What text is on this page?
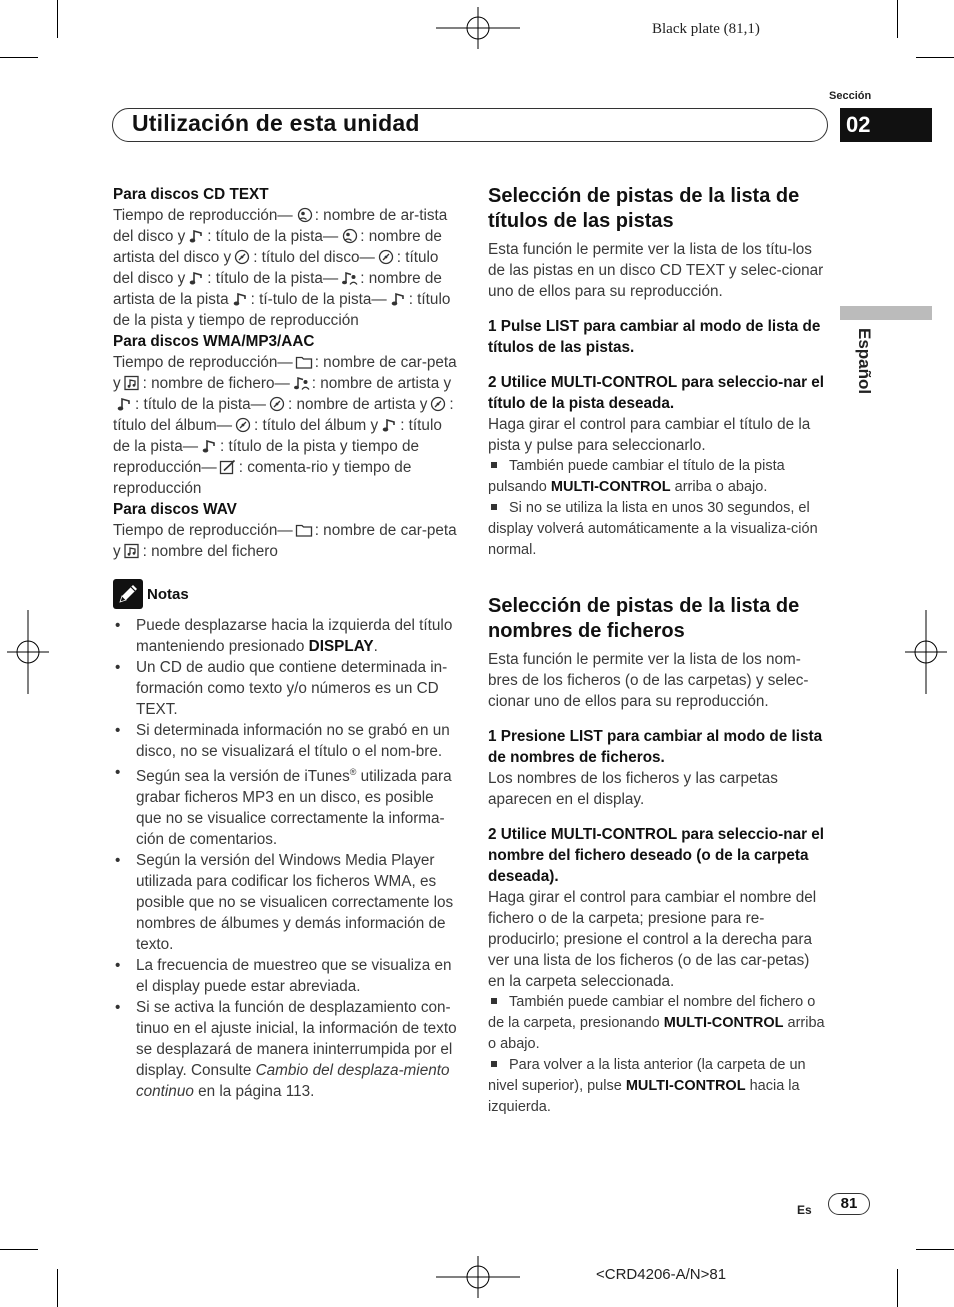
Black plate (81,1)
Sección
Utilización de esta unidad	02
Español
Para discos CD TEXT

Tiempo de reproducción— : nombre de ar-tista del disco y : título de la pista— : nombre de artista del disco y : título del disco— : título del disco y : título de la pista— : nombre de artista de la pista : tí-tulo de la pista— : título de la pista y tiempo de reproducción

Para discos WMA/MP3/AAC

Tiempo de reproducción— : nombre de car-peta y : nombre de fichero— : nombre de artista y
: título de la pista— : nombre de artista y : título del álbum— : título del álbum y : título de la pista— : título de la pista y tiempo de reproducción— : comenta-rio y tiempo de reproducción

Para discos WAV

Tiempo de reproducción— : nombre de car-peta y : nombre del fichero

Notas
• Puede desplazarse hacia la izquierda del título manteniendo presionado DISPLAY.
• Un CD de audio que contiene determinada in-formación como texto y/o números es un CD TEXT.
• Si determinada información no se grabó en un disco, no se visualizará el título o el nom-bre.
• Según sea la versión de iTunes® utilizada para grabar ficheros MP3 en un disco, es posible que no se visualice correctamente la informa-ción de comentarios.
• Según la versión del Windows Media Player utilizada para codificar los ficheros WMA, es posible que no se visualicen correctamente los nombres de álbumes y demás información de texto.
• La frecuencia de muestreo que se visualiza en el display puede estar abreviada.
• Si se activa la función de desplazamiento con-tinuo en el ajuste inicial, la información de texto se desplazará de manera ininterrumpida por el display. Consulte Cambio del desplaza-miento continuo en la página 113.

Selección de pistas de la lista de títulos de las pistas

Esta función le permite ver la lista de los títu-los de las pistas en un disco CD TEXT y selec-cionar uno de ellos para su reproducción.

1 Pulse LIST para cambiar al modo de lista de títulos de las pistas.

2 Utilice MULTI-CONTROL para seleccio-nar el título de la pista deseada.

Haga girar el control para cambiar el título de la pista y pulse para seleccionarlo.

También puede cambiar el título de la pista pulsando MULTI-CONTROL arriba o abajo.

Si no se utiliza la lista en unos 30 segundos, el display volverá automáticamente a la visualiza-ción normal.

Selección de pistas de la lista de nombres de ficheros

Esta función le permite ver la lista de los nom-bres de los ficheros (o de las carpetas) y selec-cionar uno de ellos para su reproducción.

1 Presione LIST para cambiar al modo de lista de nombres de ficheros.

Los nombres de los ficheros y las carpetas aparecen en el display.

2 Utilice MULTI-CONTROL para seleccio-nar el nombre del fichero deseado (o de la carpeta deseada).

Haga girar el control para cambiar el nombre del fichero o de la carpeta; presione para re-producirlo; presione el control a la derecha para ver una lista de los ficheros (o de las car-petas) en la carpeta seleccionada.

También puede cambiar el nombre del fichero o de la carpeta, presionando MULTI-CONTROL arriba o abajo.

Para volver a la lista anterior (la carpeta de un nivel superior), pulse MULTI-CONTROL hacia la izquierda.

Es	81
<CRD4206-A/N>81
